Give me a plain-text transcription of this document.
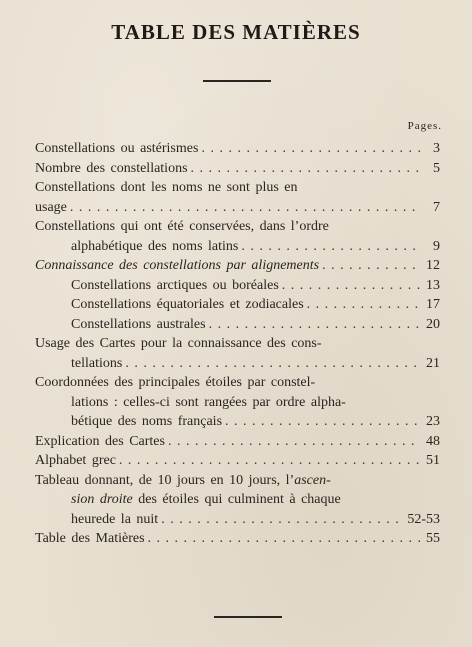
TABLE DES MATIÈRES
Pages.
Constellations ou astérismes . . .	3
Nombre des constellations . . .	5
Constellations dont les noms ne sont plus en
usage . . .	7
Constellations qui ont été conservées, dans l’ordre
alphabétique des noms latins . . .	9
Connaissance des constellations par alignements . . .	12
Constellations arctiques ou boréales . . .	13
Constellations équatoriales et zodiacales . . .	17
Constellations australes . . .	20
Usage des Cartes pour la connaissance des cons-
tellations . . .	21
Coordonnées des principales étoiles par constel-
lations : celles-ci sont rangées par ordre alpha-
bétique des noms français . . .	23
Explication des Cartes . . .	48
Alphabet grec . . .	51
Tableau donnant, de 10 jours en 10 jours, l’ascen-
sion droite des étoiles qui culminent à chaque
heurede la nuit . . .	52-53
Table des Matières . . .	55
